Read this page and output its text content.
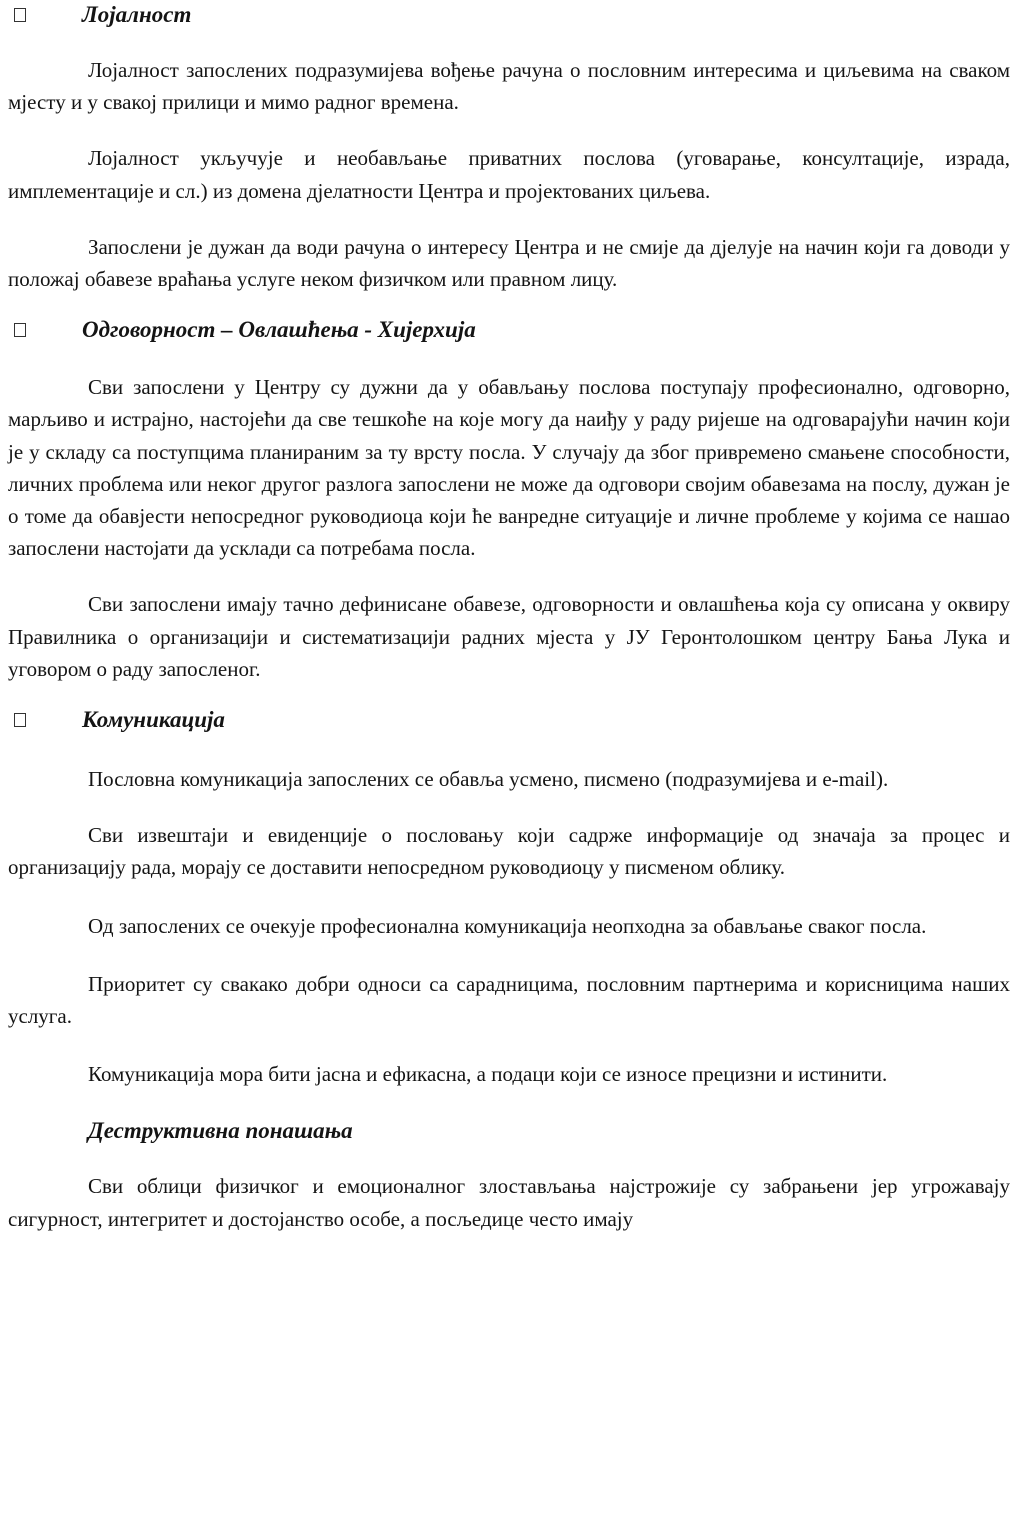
Лојалност

Лојалност запослених подразумијева вођење рачуна о пословним интересима и циљевима на сваком мјесту и у свакој прилици и мимо радног времена.

Лојалност укључује и необављање приватних послова (уговарање, консултације, израда, имплементације и сл.) из домена дјелатности Центра и пројектованих циљева.

Запослени је дужан да води рачуна о интересу Центра и не смије да дјелује на начин који га доводи у положај обавезе враћања услуге неком физичком или правном лицу.

Одговорност – Овлашћења - Хијерхија

Сви запослени у Центру су дужни да у обављању послова поступају професионално, одговорно, марљиво и истрајно, настојећи да све тешкоће на које могу да наиђу у раду ријеше на одговарајући начин који је у складу са поступцима планираним за ту врсту посла. У случају да због привремено смањене способности, личних проблема или неког другог разлога запослени не може да одговори својим обавезама на послу, дужан је о томе да обавјести непосредног руководиоца који ће ванредне ситуације и личне проблеме у којима се нашао запослени настојати да усклади са потребама посла.

Сви запослени имају тачно дефинисане обавезе, одговорности и овлашћења која су описана у оквиру Правилника о организацији и систематизацији радних мјеста у ЈУ Геронтолошком центру Бања Лука и уговором о раду запосленог.

Комуникација

Пословна комуникација запослених се обавља усмено, писмено (подразумијева и e-mail).

Сви извештаји и евиденције о пословању који садрже информације од значаја за процес и организацију рада, морају се доставити непосредном руководиоцу у писменом облику.

Од запослених се очекује професионална комуникација неопходна за обављање сваког посла.

Приоритет су свакако добри односи са сарадницима, пословним партнерима и корисницима наших услуга.

Комуникација мора бити јасна и ефикасна, а подаци који се износе прецизни и истинити.

Деструктивна понашања

Сви облици физичког и емоционалног злостављања најстрожије су забрањени јер угрожавају сигурност, интегритет и достојанство особе, а посљедице често имају
